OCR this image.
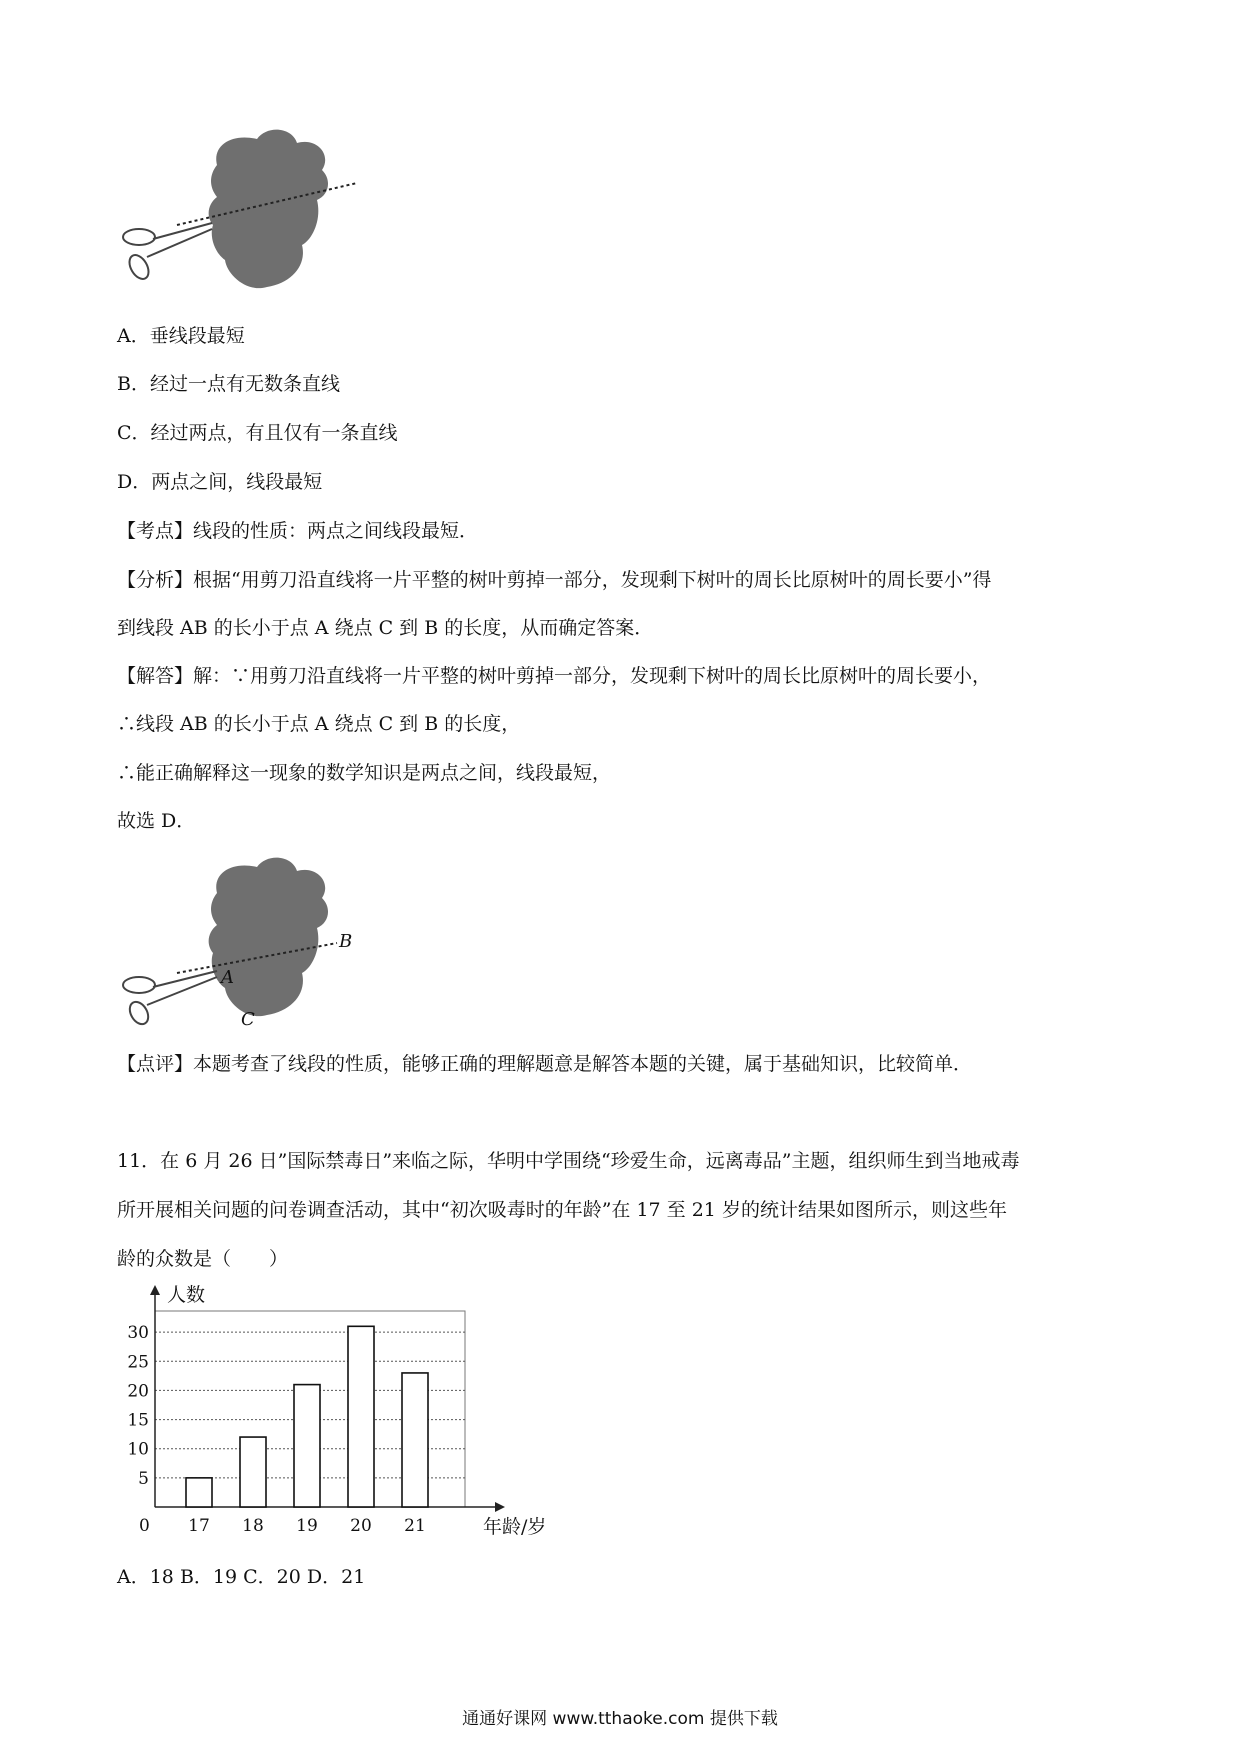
A．垂线段最短
B．经过一点有无数条直线
C．经过两点，有且仅有一条直线
D．两点之间，线段最短
【考点】线段的性质：两点之间线段最短．
【分析】根据“用剪刀沿直线将一片平整的树叶剪掉一部分，发现剩下树叶的周长比原树叶的周长要小”得
到线段 AB 的长小于点 A 绕点 C 到 B 的长度，从而确定答案．
【解答】解：∵用剪刀沿直线将一片平整的树叶剪掉一部分，发现剩下树叶的周长比原树叶的周长要小，
∴线段 AB 的长小于点 A 绕点 C 到 B 的长度，
∴能正确解释这一现象的数学知识是两点之间，线段最短，
故选 D．
A
B
C
【点评】本题考查了线段的性质，能够正确的理解题意是解答本题的关键，属于基础知识，比较简单．
11．在 6 月 26 日”国际禁毒日”来临之际，华明中学围绕“珍爱生命，远离毒品”主题，组织师生到当地戒毒
所开展相关问题的问卷调查活动，其中“初次吸毒时的年龄”在 17 至 21 岁的统计结果如图所示，则这些年
龄的众数是（　　）
5
10
15
20
25
30
人数
年龄/岁
0 17 18 19 20 21
A．18 B．19 C．20 D．21
通通好课网 www.tthaoke.com 提供下载
